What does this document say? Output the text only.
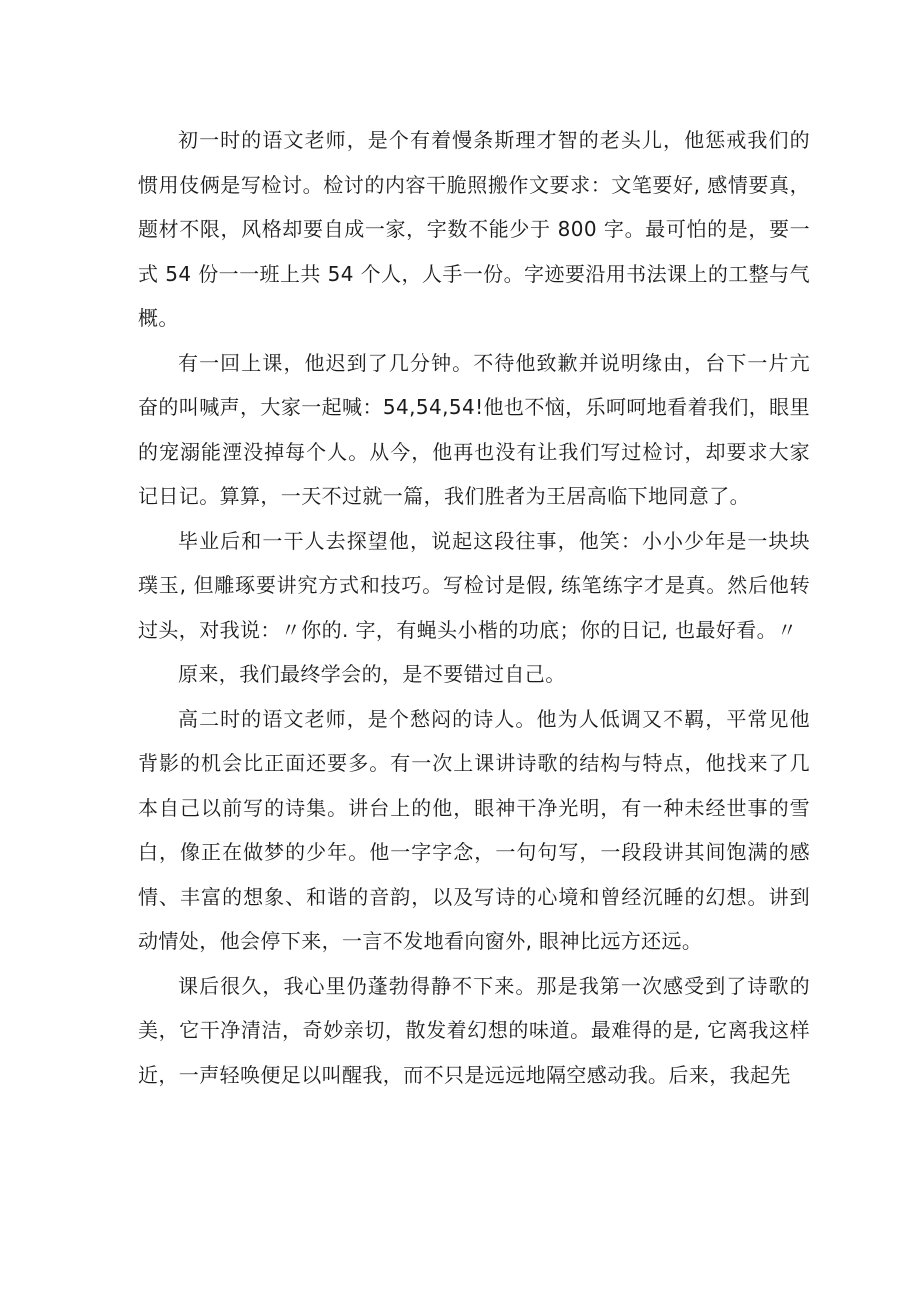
初一时的语文老师，是个有着慢条斯理才智的老头儿，他惩戒我们的惯用伎俩是写检讨。检讨的内容干脆照搬作文要求：文笔要好, 感情要真，题材不限，风格却要自成一家，字数不能少于 800 字。最可怕的是，要一式 54 份一一班上共 54 个人，人手一份。字迹要沿用书法课上的工整与气概。

有一回上课，他迟到了几分钟。不待他致歉并说明缘由，台下一片亢奋的叫喊声，大家一起喊：54,54,54!他也不恼，乐呵呵地看着我们，眼里的宠溺能湮没掉每个人。从今，他再也没有让我们写过检讨，却要求大家记日记。算算，一天不过就一篇，我们胜者为王居高临下地同意了。

毕业后和一干人去探望他，说起这段往事，他笑：小小少年是一块块璞玉, 但雕琢要讲究方式和技巧。写检讨是假, 练笔练字才是真。然后他转过头，对我说：〃你的. 字，有蝇头小楷的功底；你的日记, 也最好看。〃

原来，我们最终学会的，是不要错过自己。

高二时的语文老师，是个愁闷的诗人。他为人低调又不羁，平常见他背影的机会比正面还要多。有一次上课讲诗歌的结构与特点，他找来了几本自己以前写的诗集。讲台上的他，眼神干净光明，有一种未经世事的雪白，像正在做梦的少年。他一字字念，一句句写，一段段讲其间饱满的感情、丰富的想象、和谐的音韵，以及写诗的心境和曾经沉睡的幻想。讲到动情处，他会停下来，一言不发地看向窗外, 眼神比远方还远。

课后很久，我心里仍蓬勃得静不下来。那是我第一次感受到了诗歌的美，它干净清洁，奇妙亲切，散发着幻想的味道。最难得的是, 它离我这样近，一声轻唤便足以叫醒我，而不只是远远地隔空感动我。后来，我起先
